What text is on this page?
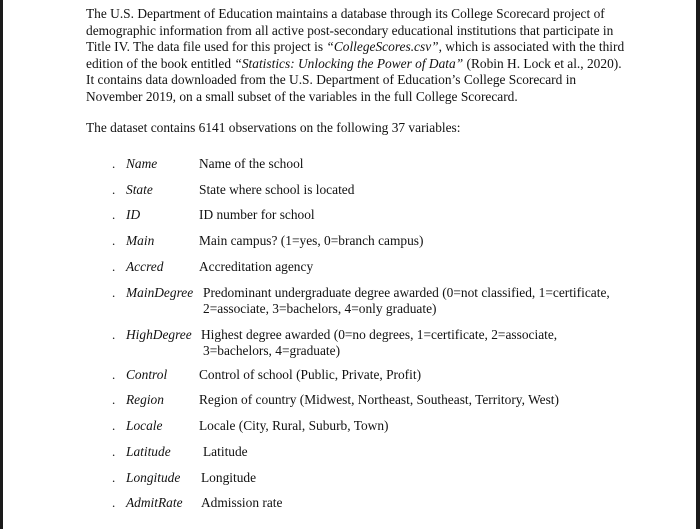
The U.S. Department of Education maintains a database through its College Scorecard project of demographic information from all active post-secondary educational institutions that participate in Title IV. The data file used for this project is “CollegeScores.csv”, which is associated with the third edition of the book entitled “Statistics: Unlocking the Power of Data” (Robin H. Lock et al., 2020). It contains data downloaded from the U.S. Department of Education’s College Scorecard in November 2019, on a small subset of the variables in the full College Scorecard.

The dataset contains 6141 observations on the following 37 variables:

. Name	Name of the school
. State	State where school is located
. ID	ID number for school
. Main	Main campus? (1=yes, 0=branch campus)
. Accred	Accreditation agency
. MainDegree Predominant undergraduate degree awarded (0=not classified, 1=certificate,
2=associate, 3=bachelors, 4=only graduate)
. HighDegree Highest degree awarded (0=no degrees, 1=certificate, 2=associate,
3=bachelors, 4=graduate)
. Control Control of school (Public, Private, Profit)
. Region	Region of country (Midwest, Northeast, Southeast, Territory, West)
. Locale	Locale (City, Rural, Suburb, Town)
. Latitude Latitude
. Longitude Longitude
. AdmitRate Admission rate
